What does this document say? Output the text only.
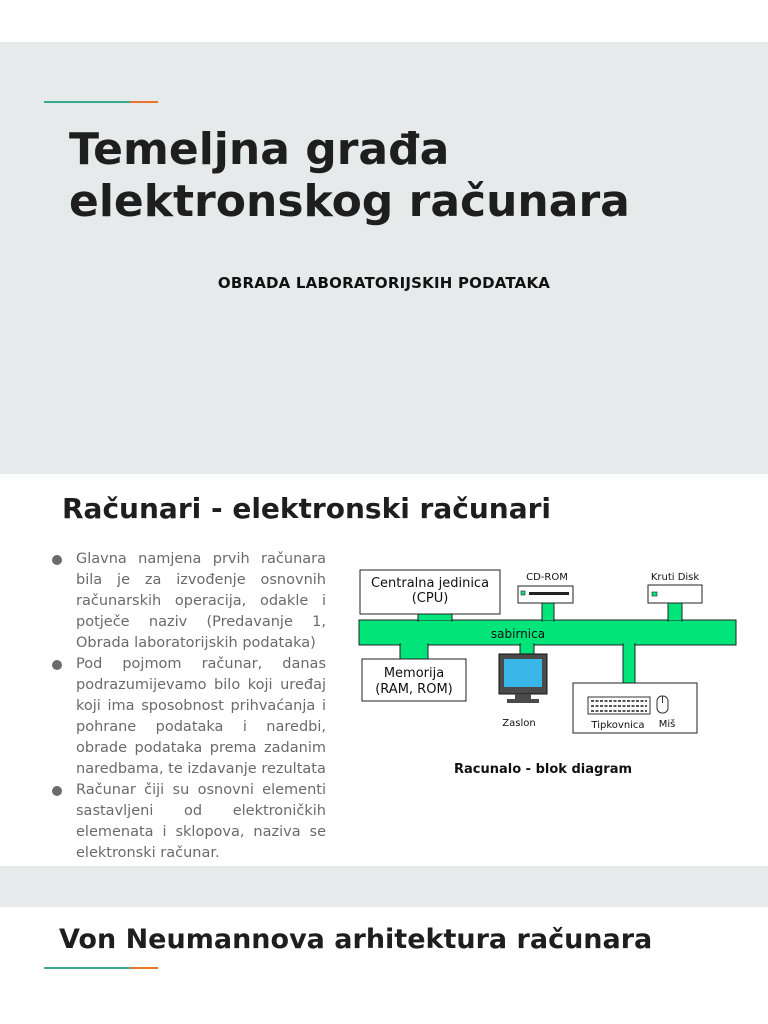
Temeljna građa
elektronskog računara
OBRADA LABORATORIJSKIH PODATAKA
Računari - elektronski računari
Glavna namjena prvih računara bila je za izvođenje osnovnih računarskih operacija, odakle i potječe naziv (Predavanje 1, Obrada laboratorijskih podataka)
Pod pojmom računar, danas podrazumijevamo bilo koji uređaj koji ima sposobnost prihvaćanja i pohrane podataka i naredbi, obrade podataka prema zadanim naredbama, te izdavanje rezultata
Računar čiji su osnovni elementi sastavljeni od elektroničkih elemenata i sklopova, naziva se elektronski računar.
sabirnica
Centralna jedinica
(CPU)
CD-ROM	Kruti Disk
Memorija
(RAM, ROM)
Zaslon	Tipkovnica Miš
Racunalo - blok diagram
Von Neumannova arhitektura računara
